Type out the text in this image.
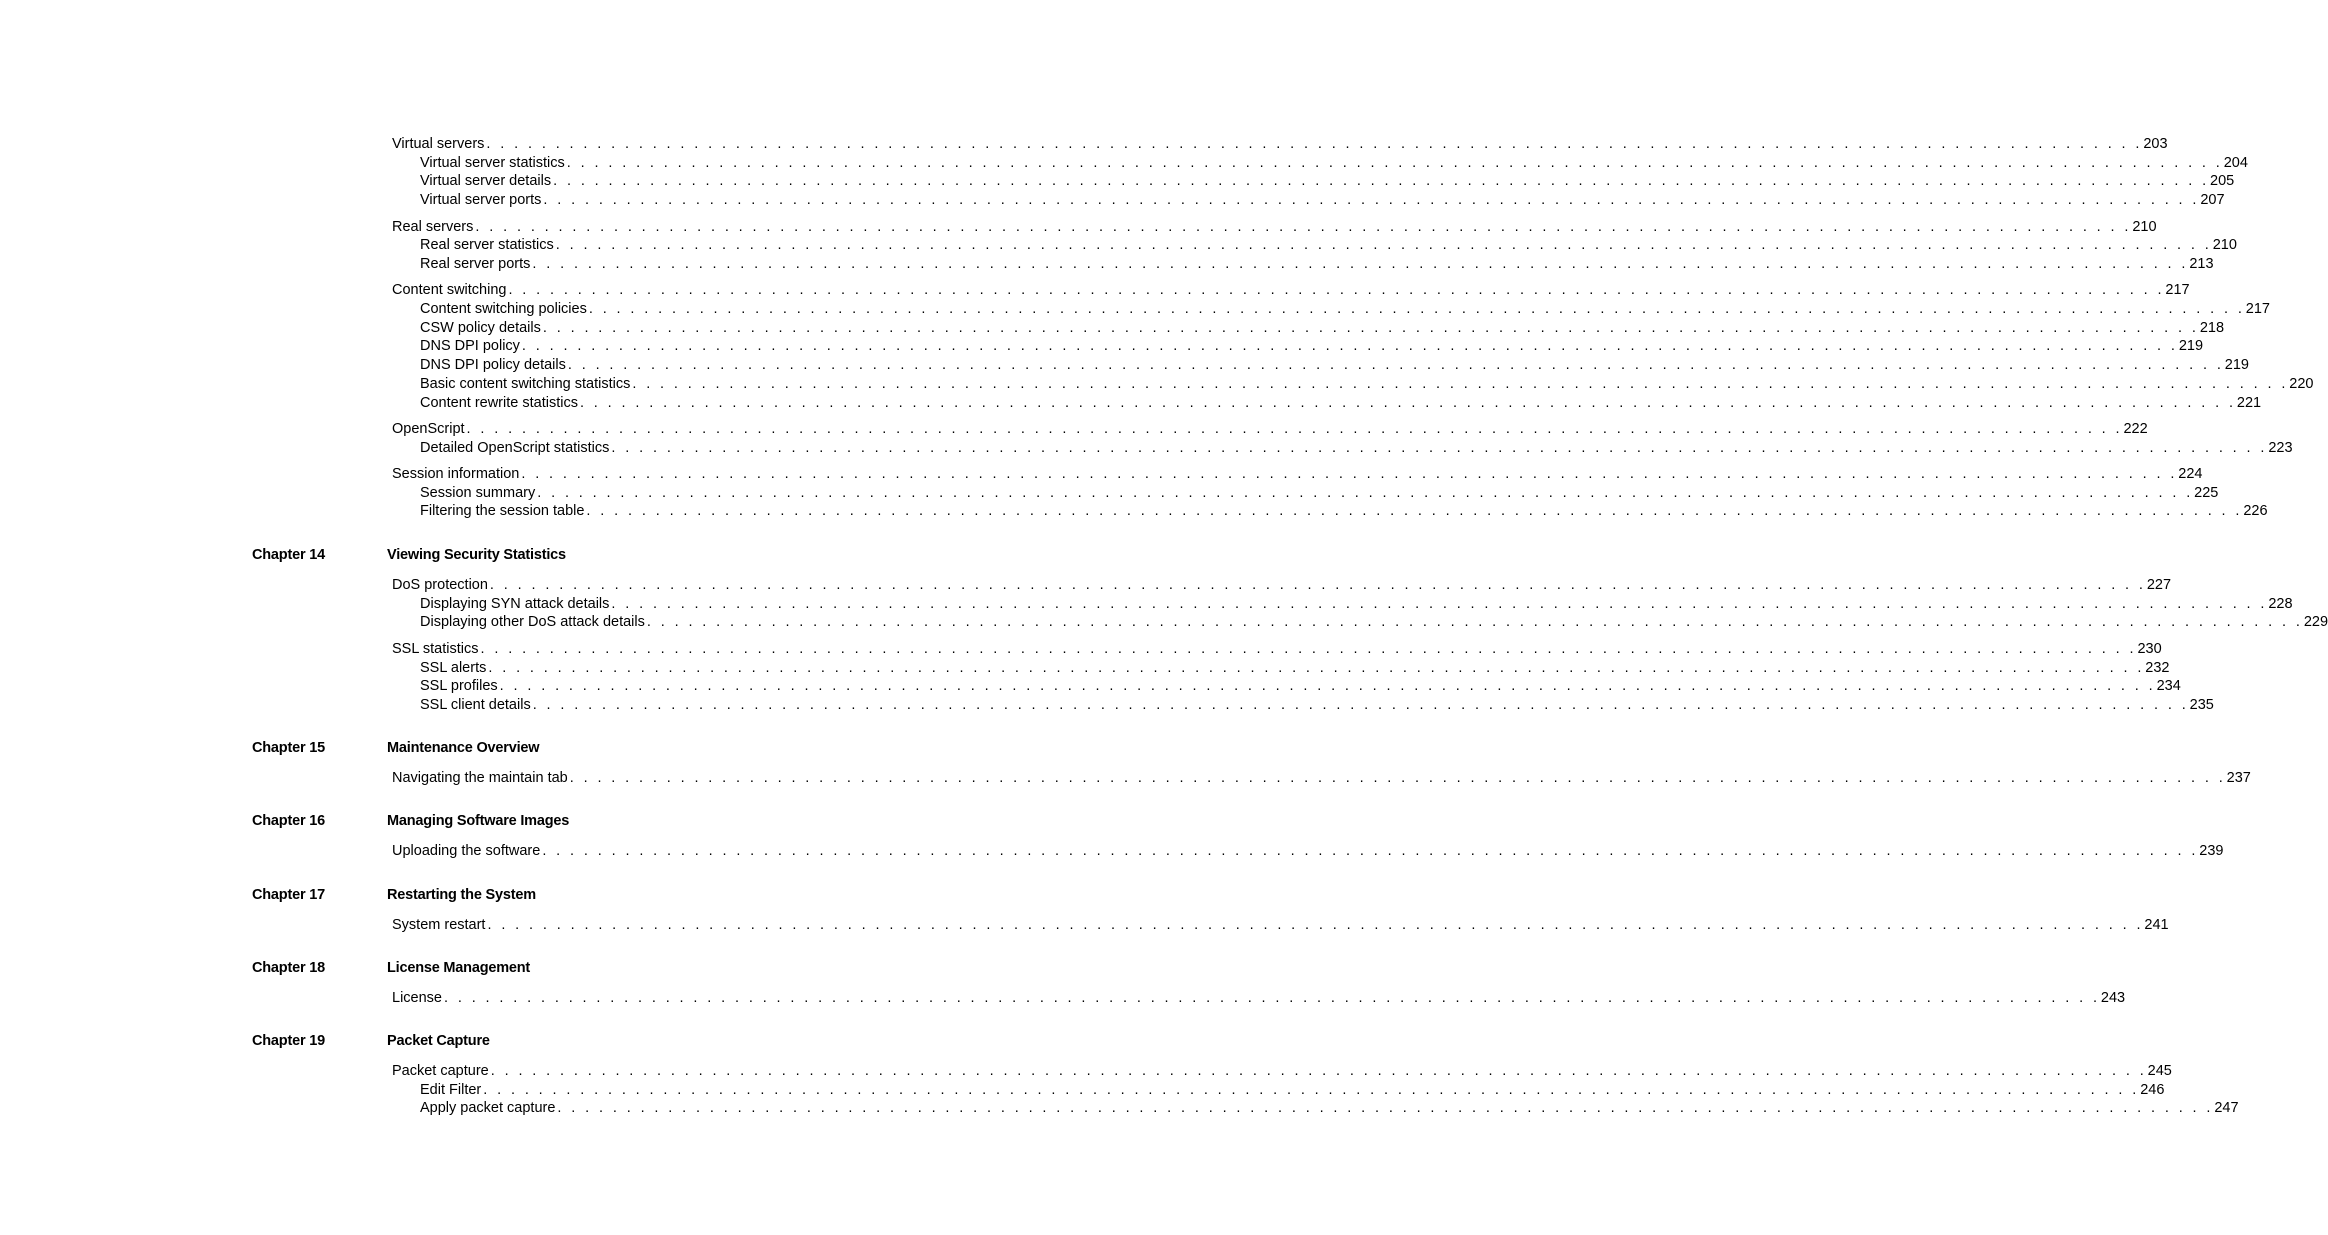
Virtual servers . . . . . . . . . . . . . . . . . . . . . . . . . . . . . . . . . . . . . . . . . . . . . . . . . . . . . . . . . . . . . . . . . . . . . . . . . . . . . . . . . . . . . . . . . . . . . . . . . . . . . . . . . . . . . . . . . . . . . . . . 203
Virtual server statistics . . . . . . . . . . . . . . . . . . . . . . . . . . . . . . . . . . . . . . . . . . . . . . . . . . . . . . . . . . . . . . . . . . . . . . . . . . . . . . . . . . . . . . . . . . . . . . . . . . . . . . . . . . . . . . . . . . . . . . . . 204
Virtual server details . . . . . . . . . . . . . . . . . . . . . . . . . . . . . . . . . . . . . . . . . . . . . . . . . . . . . . . . . . . . . . . . . . . . . . . . . . . . . . . . . . . . . . . . . . . . . . . . . . . . . . . . . . . . . . . . . . . . . . . . 205
Virtual server ports . . . . . . . . . . . . . . . . . . . . . . . . . . . . . . . . . . . . . . . . . . . . . . . . . . . . . . . . . . . . . . . . . . . . . . . . . . . . . . . . . . . . . . . . . . . . . . . . . . . . . . . . . . . . . . . . . . . . . . . . 207
Real servers . . . . . . . . . . . . . . . . . . . . . . . . . . . . . . . . . . . . . . . . . . . . . . . . . . . . . . . . . . . . . . . . . . . . . . . . . . . . . . . . . . . . . . . . . . . . . . . . . . . . . . . . . . . . . . . . . . . . . . . . 210
Real server statistics . . . . . . . . . . . . . . . . . . . . . . . . . . . . . . . . . . . . . . . . . . . . . . . . . . . . . . . . . . . . . . . . . . . . . . . . . . . . . . . . . . . . . . . . . . . . . . . . . . . . . . . . . . . . . . . . . . . . . . . . 210
Real server ports . . . . . . . . . . . . . . . . . . . . . . . . . . . . . . . . . . . . . . . . . . . . . . . . . . . . . . . . . . . . . . . . . . . . . . . . . . . . . . . . . . . . . . . . . . . . . . . . . . . . . . . . . . . . . . . . . . . . . . . . 213
Content switching . . . . . . . . . . . . . . . . . . . . . . . . . . . . . . . . . . . . . . . . . . . . . . . . . . . . . . . . . . . . . . . . . . . . . . . . . . . . . . . . . . . . . . . . . . . . . . . . . . . . . . . . . . . . . . . . . . . . . . . . 217
Content switching policies . . . . . . . . . . . . . . . . . . . . . . . . . . . . . . . . . . . . . . . . . . . . . . . . . . . . . . . . . . . . . . . . . . . . . . . . . . . . . . . . . . . . . . . . . . . . . . . . . . . . . . . . . . . . . . . . . . . . . . . . 217
CSW policy details . . . . . . . . . . . . . . . . . . . . . . . . . . . . . . . . . . . . . . . . . . . . . . . . . . . . . . . . . . . . . . . . . . . . . . . . . . . . . . . . . . . . . . . . . . . . . . . . . . . . . . . . . . . . . . . . . . . . . . . . 218
DNS DPI policy . . . . . . . . . . . . . . . . . . . . . . . . . . . . . . . . . . . . . . . . . . . . . . . . . . . . . . . . . . . . . . . . . . . . . . . . . . . . . . . . . . . . . . . . . . . . . . . . . . . . . . . . . . . . . . . . . . . . . . . . 219
DNS DPI policy details . . . . . . . . . . . . . . . . . . . . . . . . . . . . . . . . . . . . . . . . . . . . . . . . . . . . . . . . . . . . . . . . . . . . . . . . . . . . . . . . . . . . . . . . . . . . . . . . . . . . . . . . . . . . . . . . . . . . . . . . 219
Basic content switching statistics . . . . . . . . . . . . . . . . . . . . . . . . . . . . . . . . . . . . . . . . . . . . . . . . . . . . . . . . . . . . . . . . . . . . . . . . . . . . . . . . . . . . . . . . . . . . . . . . . . . . . . . . . . . . . . . . . . . . . . . . 220
Content rewrite statistics . . . . . . . . . . . . . . . . . . . . . . . . . . . . . . . . . . . . . . . . . . . . . . . . . . . . . . . . . . . . . . . . . . . . . . . . . . . . . . . . . . . . . . . . . . . . . . . . . . . . . . . . . . . . . . . . . . . . . . . . 221
OpenScript . . . . . . . . . . . . . . . . . . . . . . . . . . . . . . . . . . . . . . . . . . . . . . . . . . . . . . . . . . . . . . . . . . . . . . . . . . . . . . . . . . . . . . . . . . . . . . . . . . . . . . . . . . . . . . . . . . . . . . . . 222
Detailed OpenScript statistics . . . . . . . . . . . . . . . . . . . . . . . . . . . . . . . . . . . . . . . . . . . . . . . . . . . . . . . . . . . . . . . . . . . . . . . . . . . . . . . . . . . . . . . . . . . . . . . . . . . . . . . . . . . . . . . . . . . . . . . . 223
Session information . . . . . . . . . . . . . . . . . . . . . . . . . . . . . . . . . . . . . . . . . . . . . . . . . . . . . . . . . . . . . . . . . . . . . . . . . . . . . . . . . . . . . . . . . . . . . . . . . . . . . . . . . . . . . . . . . . . . . . . . 224
Session summary . . . . . . . . . . . . . . . . . . . . . . . . . . . . . . . . . . . . . . . . . . . . . . . . . . . . . . . . . . . . . . . . . . . . . . . . . . . . . . . . . . . . . . . . . . . . . . . . . . . . . . . . . . . . . . . . . . . . . . . . 225
Filtering the session table . . . . . . . . . . . . . . . . . . . . . . . . . . . . . . . . . . . . . . . . . . . . . . . . . . . . . . . . . . . . . . . . . . . . . . . . . . . . . . . . . . . . . . . . . . . . . . . . . . . . . . . . . . . . . . . . . . . . . . . . 226
Chapter 14	Viewing Security Statistics
DoS protection . . . . . . . . . . . . . . . . . . . . . . . . . . . . . . . . . . . . . . . . . . . . . . . . . . . . . . . . . . . . . . . . . . . . . . . . . . . . . . . . . . . . . . . . . . . . . . . . . . . . . . . . . . . . . . . . . . . . . . . . 227
Displaying SYN attack details . . . . . . . . . . . . . . . . . . . . . . . . . . . . . . . . . . . . . . . . . . . . . . . . . . . . . . . . . . . . . . . . . . . . . . . . . . . . . . . . . . . . . . . . . . . . . . . . . . . . . . . . . . . . . . . . . . . . . . . . 228
Displaying other DoS attack details . . . . . . . . . . . . . . . . . . . . . . . . . . . . . . . . . . . . . . . . . . . . . . . . . . . . . . . . . . . . . . . . . . . . . . . . . . . . . . . . . . . . . . . . . . . . . . . . . . . . . . . . . . . . . . . . . . . . . . . . 229
SSL statistics . . . . . . . . . . . . . . . . . . . . . . . . . . . . . . . . . . . . . . . . . . . . . . . . . . . . . . . . . . . . . . . . . . . . . . . . . . . . . . . . . . . . . . . . . . . . . . . . . . . . . . . . . . . . . . . . . . . . . . . . 230
SSL alerts . . . . . . . . . . . . . . . . . . . . . . . . . . . . . . . . . . . . . . . . . . . . . . . . . . . . . . . . . . . . . . . . . . . . . . . . . . . . . . . . . . . . . . . . . . . . . . . . . . . . . . . . . . . . . . . . . . . . . . . . 232
SSL profiles . . . . . . . . . . . . . . . . . . . . . . . . . . . . . . . . . . . . . . . . . . . . . . . . . . . . . . . . . . . . . . . . . . . . . . . . . . . . . . . . . . . . . . . . . . . . . . . . . . . . . . . . . . . . . . . . . . . . . . . . 234
SSL client details . . . . . . . . . . . . . . . . . . . . . . . . . . . . . . . . . . . . . . . . . . . . . . . . . . . . . . . . . . . . . . . . . . . . . . . . . . . . . . . . . . . . . . . . . . . . . . . . . . . . . . . . . . . . . . . . . . . . . . . . 235
Chapter 15	Maintenance Overview
Navigating the maintain tab . . . . . . . . . . . . . . . . . . . . . . . . . . . . . . . . . . . . . . . . . . . . . . . . . . . . . . . . . . . . . . . . . . . . . . . . . . . . . . . . . . . . . . . . . . . . . . . . . . . . . . . . . . . . . . . . . . . . . . . . 237
Chapter 16	Managing Software Images
Uploading the software . . . . . . . . . . . . . . . . . . . . . . . . . . . . . . . . . . . . . . . . . . . . . . . . . . . . . . . . . . . . . . . . . . . . . . . . . . . . . . . . . . . . . . . . . . . . . . . . . . . . . . . . . . . . . . . . . . . . . . . . 239
Chapter 17	Restarting the System
System restart . . . . . . . . . . . . . . . . . . . . . . . . . . . . . . . . . . . . . . . . . . . . . . . . . . . . . . . . . . . . . . . . . . . . . . . . . . . . . . . . . . . . . . . . . . . . . . . . . . . . . . . . . . . . . . . . . . . . . . . . 241
Chapter 18	License Management
License . . . . . . . . . . . . . . . . . . . . . . . . . . . . . . . . . . . . . . . . . . . . . . . . . . . . . . . . . . . . . . . . . . . . . . . . . . . . . . . . . . . . . . . . . . . . . . . . . . . . . . . . . . . . . . . . . . . . . . . . 243
Chapter 19	Packet Capture
Packet capture . . . . . . . . . . . . . . . . . . . . . . . . . . . . . . . . . . . . . . . . . . . . . . . . . . . . . . . . . . . . . . . . . . . . . . . . . . . . . . . . . . . . . . . . . . . . . . . . . . . . . . . . . . . . . . . . . . . . . . . . 245
Edit Filter . . . . . . . . . . . . . . . . . . . . . . . . . . . . . . . . . . . . . . . . . . . . . . . . . . . . . . . . . . . . . . . . . . . . . . . . . . . . . . . . . . . . . . . . . . . . . . . . . . . . . . . . . . . . . . . . . . . . . . . . 246
Apply packet capture . . . . . . . . . . . . . . . . . . . . . . . . . . . . . . . . . . . . . . . . . . . . . . . . . . . . . . . . . . . . . . . . . . . . . . . . . . . . . . . . . . . . . . . . . . . . . . . . . . . . . . . . . . . . . . . . . . . . . . . . 247
